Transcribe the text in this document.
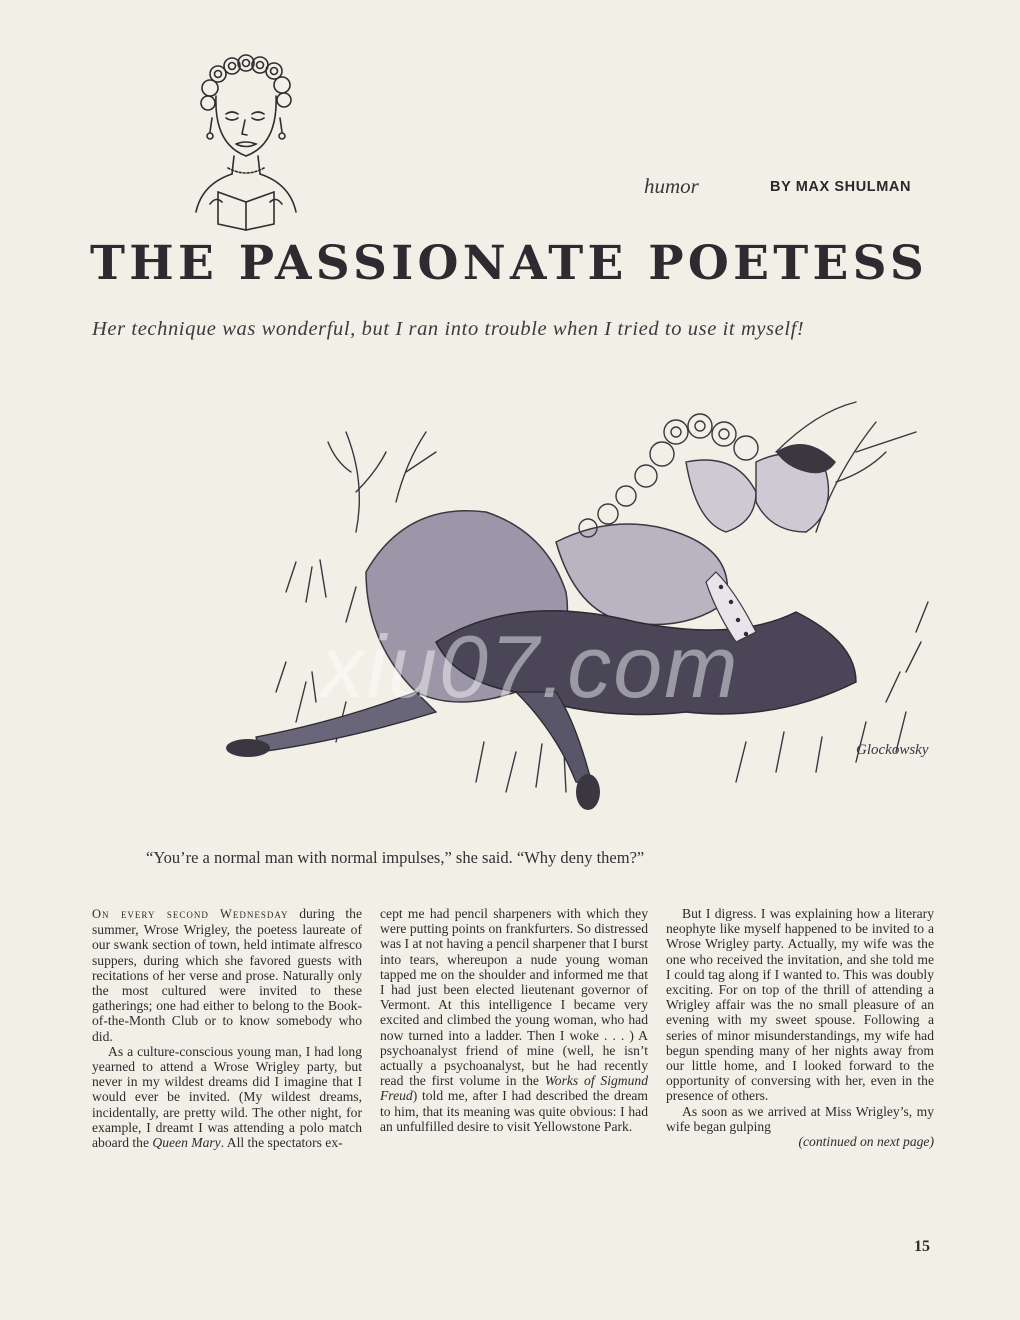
humor	BY MAX SHULMAN
THE PASSIONATE POETESS
Her technique was wonderful, but I ran into trouble when I tried to use it myself!
Glockowsky
xiu07.com
“You’re a normal man with normal impulses,” she said. “Why deny them?”

On every second Wednesday during the summer, Wrose Wrigley, the poetess laureate of our swank section of town, held intimate alfresco suppers, during which she favored guests with recitations of her verse and prose. Naturally only the most cultured were invited to these gatherings; one had either to belong to the Book-of-the-Month Club or to know somebody who did.

As a culture-conscious young man, I had long yearned to attend a Wrose Wrigley party, but never in my wildest dreams did I imagine that I would ever be invited. (My wildest dreams, incidentally, are pretty wild. The other night, for example, I dreamt I was attending a polo match aboard the Queen Mary. All the spectators ex-

cept me had pencil sharpeners with which they were putting points on frankfurters. So distressed was I at not having a pencil sharpener that I burst into tears, whereupon a nude young woman tapped me on the shoulder and informed me that I had just been elected lieutenant governor of Vermont. At this intelligence I became very excited and climbed the young woman, who had now turned into a ladder. Then I woke . . . ) A psychoanalyst friend of mine (well, he isn’t actually a psychoanalyst, but he had recently read the first volume in the Works of Sigmund Freud) told me, after I had described the dream to him, that its meaning was quite obvious: I had an unfulfilled desire to visit Yellowstone Park.

But I digress. I was explaining how a literary neophyte like myself happened to be invited to a Wrose Wrigley party. Actually, my wife was the one who received the invitation, and she told me I could tag along if I wanted to. This was doubly exciting. For on top of the thrill of attending a Wrigley affair was the no small pleasure of an evening with my sweet spouse. Following a series of minor misunderstandings, my wife had begun spending many of her nights away from our little home, and I looked forward to the opportunity of conversing with her, even in the presence of others.

As soon as we arrived at Miss Wrigley’s, my wife began gulping

(continued on next page)
15
